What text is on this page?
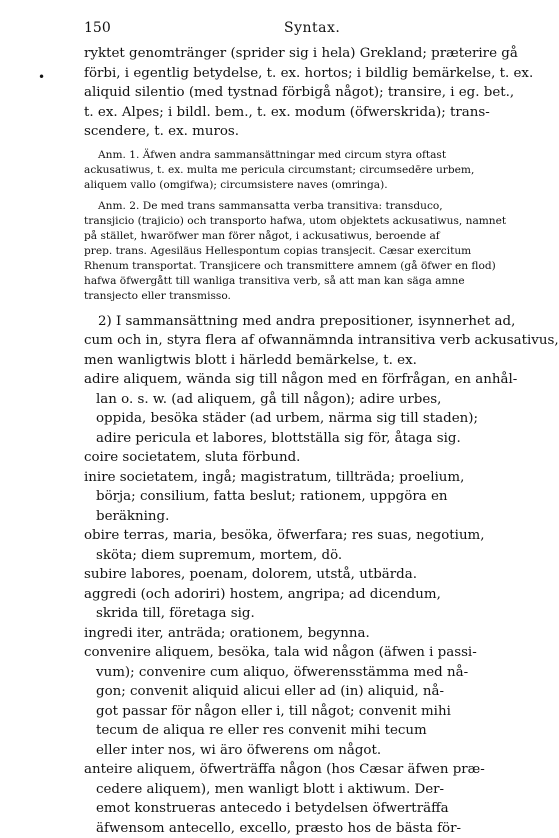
150	Syntax.
•
ryktet genomtränger (sprider sig i hela) Grekland; præterire gå
förbi, i egentlig betydelse, t. ex. hortos; i bildlig bemärkelse, t. ex.
aliquid silentio (med tystnad förbigå något); transire, i eg. bet.,
t. ex. Alpes; i bildl. bem., t. ex. modum (öfwerskrida); trans-
scendere, t. ex. muros.
Anm. 1. Äfwen andra sammansättningar med circum styra oftast
ackusatiwus, t. ex. multa me pericula circumstant; circumsedēre urbem,
aliquem vallo (omgifwa); circumsistere naves (omringa).
Anm. 2. De med trans sammansatta verba transitiva: transduco,
transjicio (trajicio) och transporto hafwa, utom objektets ackusatiwus, namnet
på stället, hwaröfwer man förer något, i ackusatiwus, beroende af
prep. trans. Agesiläus Hellespontum copias transjecit. Cæsar exercitum
Rhenum transportat. Transjicere och transmittere amnem (gå öfwer en flod)
hafwa öfwergått till wanliga transitiva verb, så att man kan säga amne
transjecto eller transmisso.
2) I sammansättning med andra prepositioner, isynnerhet ad,
cum och in, styra flera af ofwannämnda intransitiva verb ackusativus,
men wanligtwis blott i härledd bemärkelse, t. ex.
adire aliquem, wända sig till någon med en förfrågan, en anhål-
lan o. s. w. (ad aliquem, gå till någon); adire urbes,
oppida, besöka städer (ad urbem, närma sig till staden);
adire pericula et labores, blottställa sig för, åtaga sig.
coire societatem, sluta förbund.
inire societatem, ingå; magistratum, tillträda; proelium,
börja; consilium, fatta beslut; rationem, uppgöra en
beräkning.
obire terras, maria, besöka, öfwerfara; res suas, negotium,
sköta; diem supremum, mortem, dö.
subire labores, poenam, dolorem, utstå, utbärda.
aggredi (och adoriri) hostem, angripa; ad dicendum,
skrida till, företaga sig.
ingredi iter, anträda; orationem, begynna.
convenire aliquem, besöka, tala wid någon (äfwen i passi-
vum); convenire cum aliquo, öfwerensstämma med nå-
gon; convenit aliquid alicui eller ad (in) aliquid, nå-
got passar för någon eller i, till något; convenit mihi
tecum de aliqua re eller res convenit mihi tecum
eller inter nos, wi äro öfwerens om något.
anteire aliquem, öfwerträffa någon (hos Cæsar äfwen præ-
cedere aliquem), men wanligt blott i aktiwum. Der-
emot konstrueras antecedo i betydelsen öfwerträffa
äfwensom antecello, excello, præsto hos de bästa för-
